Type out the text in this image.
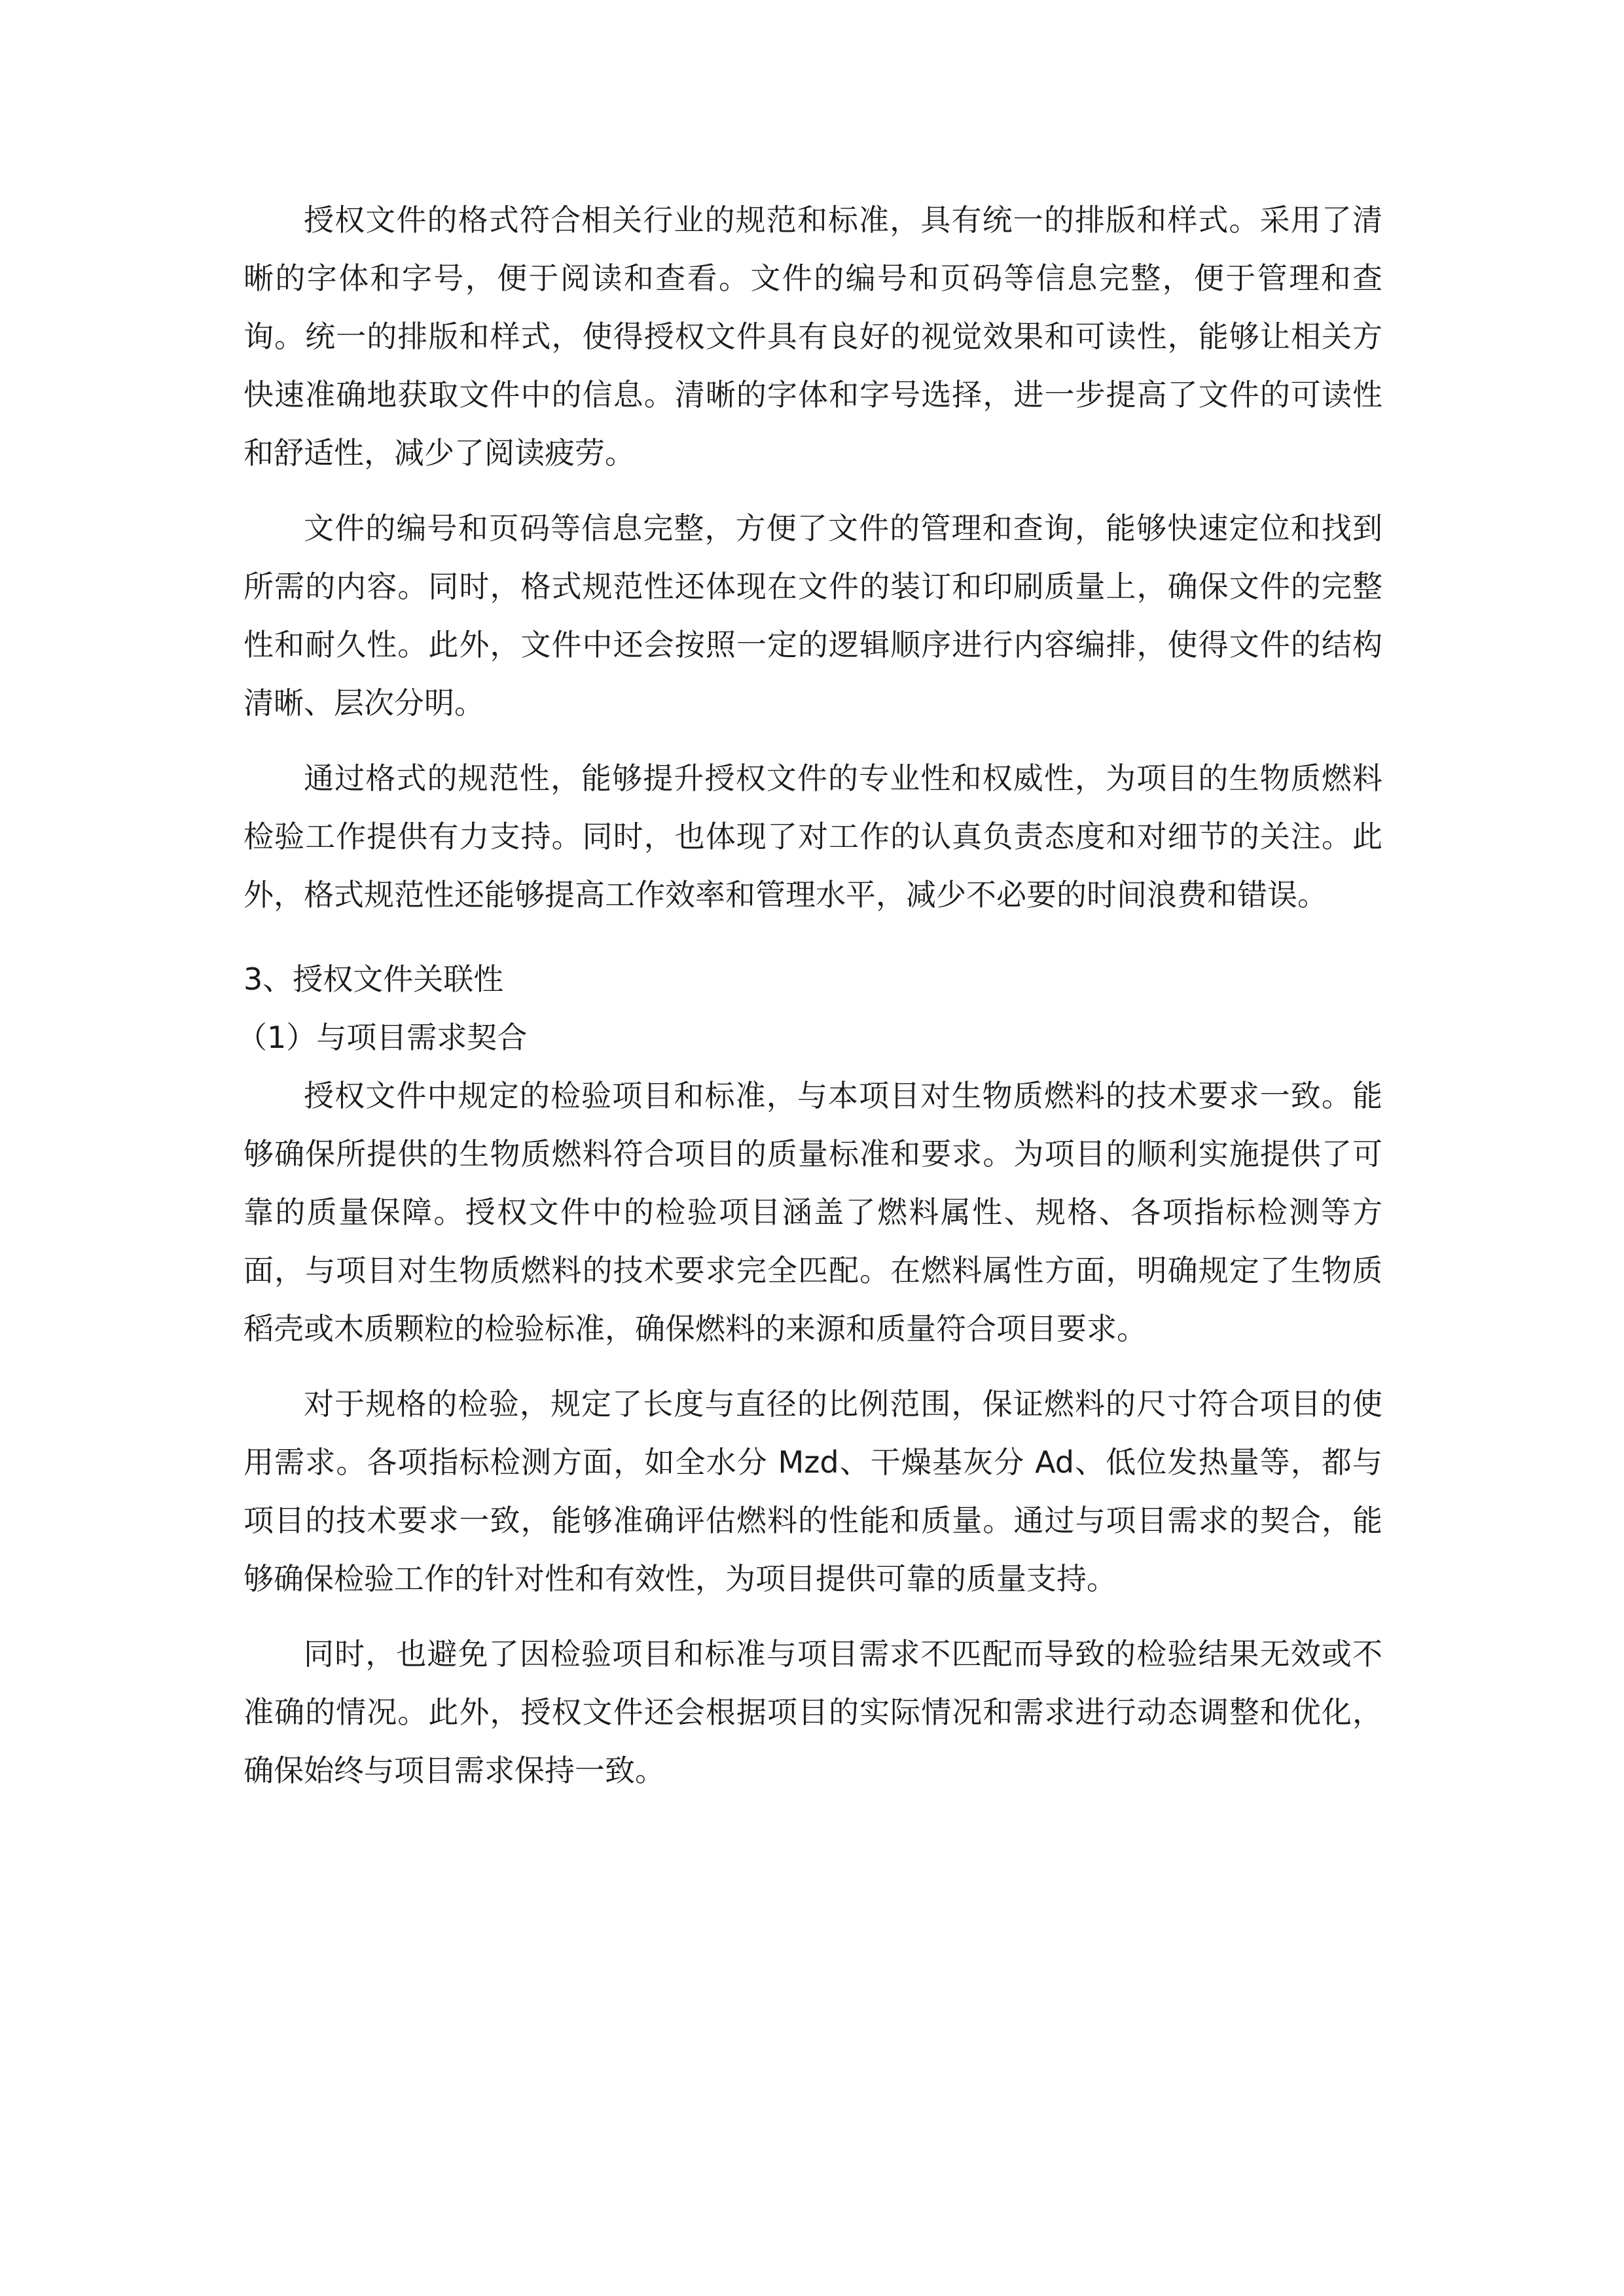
授权文件的格式符合相关行业的规范和标准，具有统一的排版和样式。采用了清晰的字体和字号，便于阅读和查看。文件的编号和页码等信息完整，便于管理和查询。统一的排版和样式，使得授权文件具有良好的视觉效果和可读性，能够让相关方快速准确地获取文件中的信息。清晰的字体和字号选择，进一步提高了文件的可读性和舒适性，减少了阅读疲劳。

文件的编号和页码等信息完整，方便了文件的管理和查询，能够快速定位和找到所需的内容。同时，格式规范性还体现在文件的装订和印刷质量上，确保文件的完整性和耐久性。此外，文件中还会按照一定的逻辑顺序进行内容编排，使得文件的结构清晰、层次分明。

通过格式的规范性，能够提升授权文件的专业性和权威性，为项目的生物质燃料检验工作提供有力支持。同时，也体现了对工作的认真负责态度和对细节的关注。此外，格式规范性还能够提高工作效率和管理水平，减少不必要的时间浪费和错误。

3、授权文件关联性

（1）与项目需求契合

授权文件中规定的检验项目和标准，与本项目对生物质燃料的技术要求一致。能够确保所提供的生物质燃料符合项目的质量标准和要求。为项目的顺利实施提供了可靠的质量保障。授权文件中的检验项目涵盖了燃料属性、规格、各项指标检测等方面，与项目对生物质燃料的技术要求完全匹配。在燃料属性方面，明确规定了生物质稻壳或木质颗粒的检验标准，确保燃料的来源和质量符合项目要求。

对于规格的检验，规定了长度与直径的比例范围，保证燃料的尺寸符合项目的使用需求。各项指标检测方面，如全水分 Mzd、干燥基灰分 Ad、低位发热量等，都与项目的技术要求一致，能够准确评估燃料的性能和质量。通过与项目需求的契合，能够确保检验工作的针对性和有效性，为项目提供可靠的质量支持。

同时，也避免了因检验项目和标准与项目需求不匹配而导致的检验结果无效或不准确的情况。此外，授权文件还会根据项目的实际情况和需求进行动态调整和优化，确保始终与项目需求保持一致。
